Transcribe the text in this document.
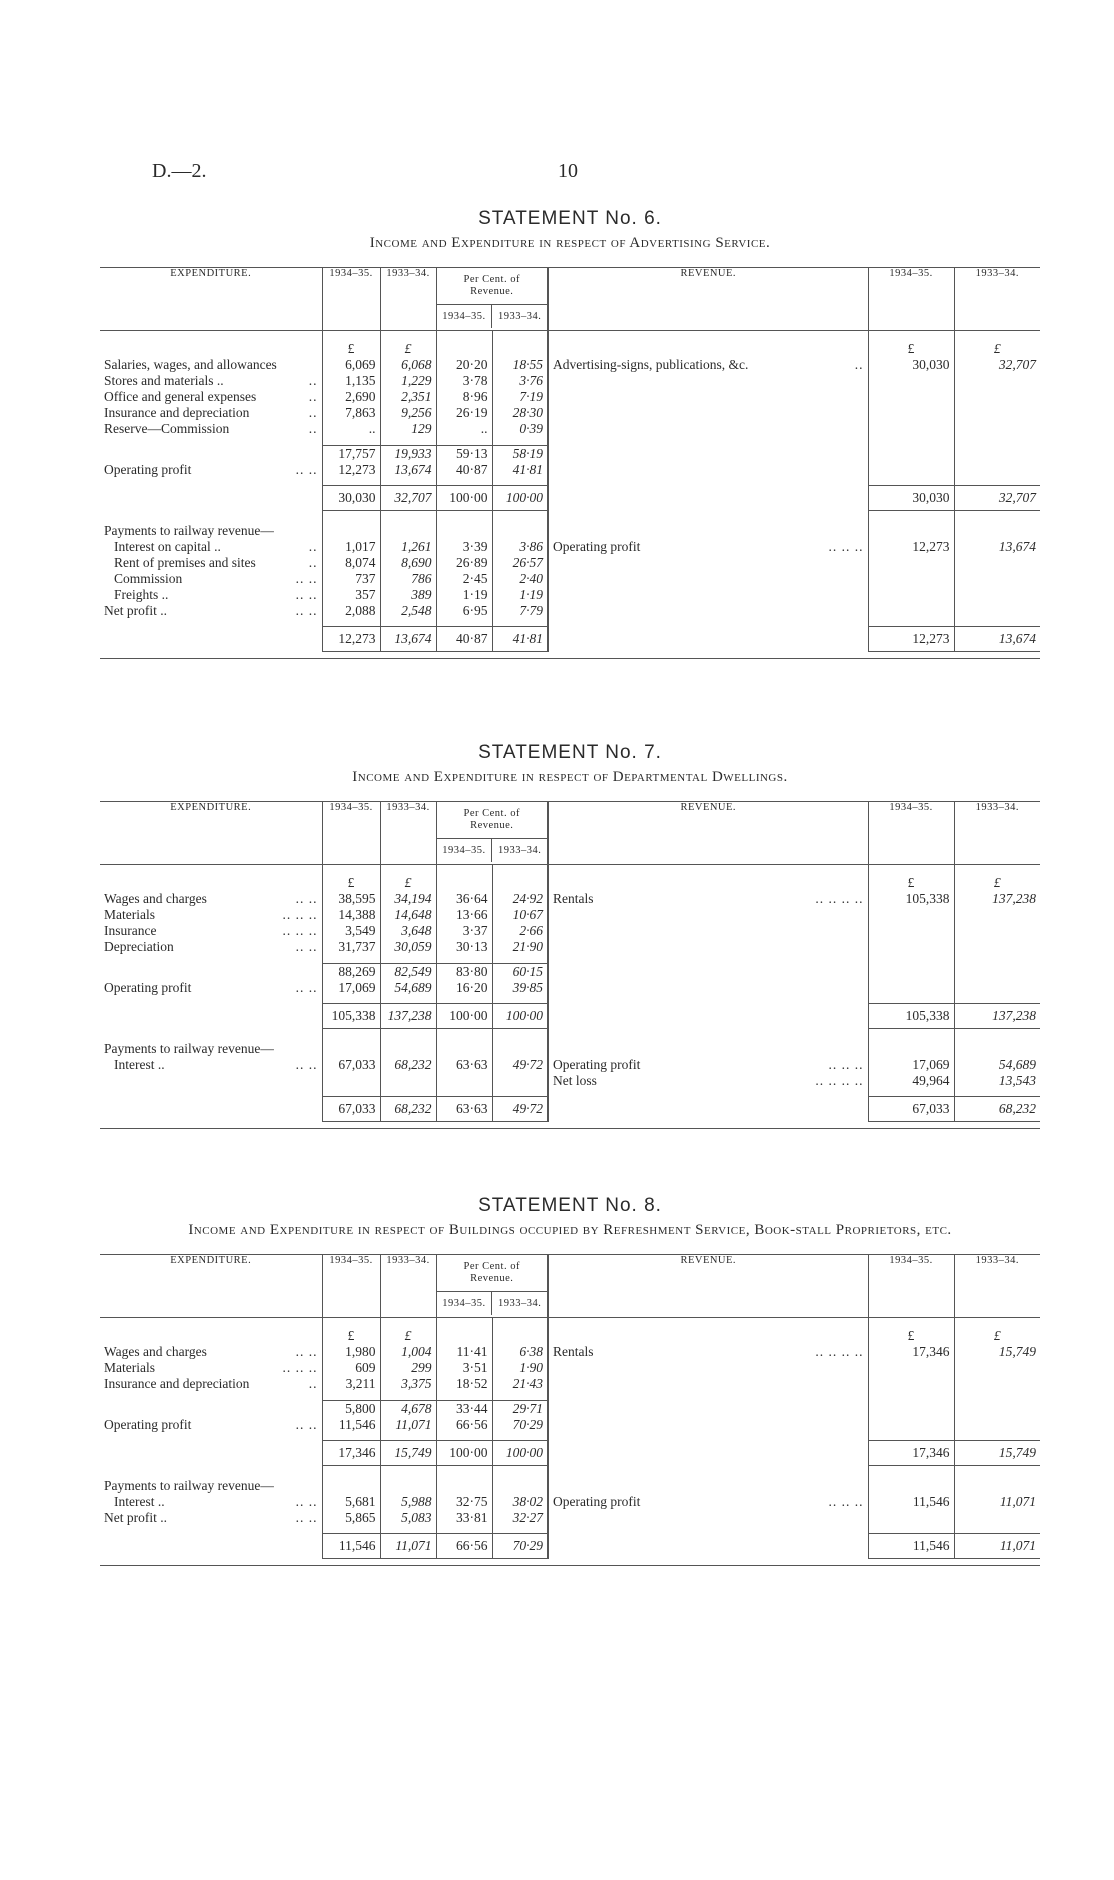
D.—2.	10
STATEMENT No. 6.
Income and Expenditure in respect of Advertising Service.

EXPENDITURE.	1934–35.	1933–34.	Per Cent. of
Revenue.
1934–35. 1933–34.		REVENUE.	1934–35.	1933–34.

	£	£				£	£
Salaries, wages, and allowances	6,069	6,068	20·20	18·55	Advertising-signs, publications, &c. ..	30,030	32,707
Stores and materials .. ..	1,135	1,229	3·78	3·76			
Office and general expenses ..	2,690	2,351	8·96	7·19			
Insurance and depreciation ..	7,863	9,256	26·19	28·30			
Reserve—Commission ..	..	129	..	0·39			

	17,757	19,933	59·13	58·19			
Operating profit .. ..	12,273	13,674	40·87	41·81			

	30,030	32,707	100·00	100·00		30,030	32,707

Payments to railway revenue—							
Interest on capital .. ..	1,017	1,261	3·39	3·86	Operating profit .. .. ..	12,273	13,674
Rent of premises and sites ..	8,074	8,690	26·89	26·57			
Commission .. ..	737	786	2·45	2·40			
Freights .. .. ..	357	389	1·19	1·19			
Net profit .. .. ..	2,088	2,548	6·95	7·79			

	12,273	13,674	40·87	41·81		12,273	13,674

STATEMENT No. 7.
Income and Expenditure in respect of Departmental Dwellings.

EXPENDITURE.	1934–35.	1933–34.	Per Cent. of
Revenue.
1934–35. 1933–34.		REVENUE.	1934–35.	1933–34.

	£	£				£	£
Wages and charges .. ..	38,595	34,194	36·64	24·92	Rentals .. .. .. ..	105,338	137,238
Materials .. .. ..	14,388	14,648	13·66	10·67			
Insurance .. .. ..	3,549	3,648	3·37	2·66			
Depreciation .. ..	31,737	30,059	30·13	21·90			

	88,269	82,549	83·80	60·15			
Operating profit .. ..	17,069	54,689	16·20	39·85			

	105,338	137,238	100·00	100·00		105,338	137,238

Payments to railway revenue—							
Interest .. .. ..	67,033	68,232	63·63	49·72	Operating profit .. .. ..	17,069	54,689
					Net loss .. .. .. ..	49,964	13,543

	67,033	68,232	63·63	49·72		67,033	68,232

STATEMENT No. 8.
Income and Expenditure in respect of Buildings occupied by Refreshment Service, Book-stall Proprietors, etc.

EXPENDITURE.	1934–35.	1933–34.	Per Cent. of
Revenue.
1934–35. 1933–34.		REVENUE.	1934–35.	1933–34.

	£	£				£	£
Wages and charges .. ..	1,980	1,004	11·41	6·38	Rentals .. .. .. ..	17,346	15,749
Materials .. .. ..	609	299	3·51	1·90			
Insurance and depreciation ..	3,211	3,375	18·52	21·43			

	5,800	4,678	33·44	29·71			
Operating profit .. ..	11,546	11,071	66·56	70·29			

	17,346	15,749	100·00	100·00		17,346	15,749

Payments to railway revenue—							
Interest .. .. ..	5,681	5,988	32·75	38·02	Operating profit .. .. ..	11,546	11,071
Net profit .. .. ..	5,865	5,083	33·81	32·27			

	11,546	11,071	66·56	70·29		11,546	11,071
